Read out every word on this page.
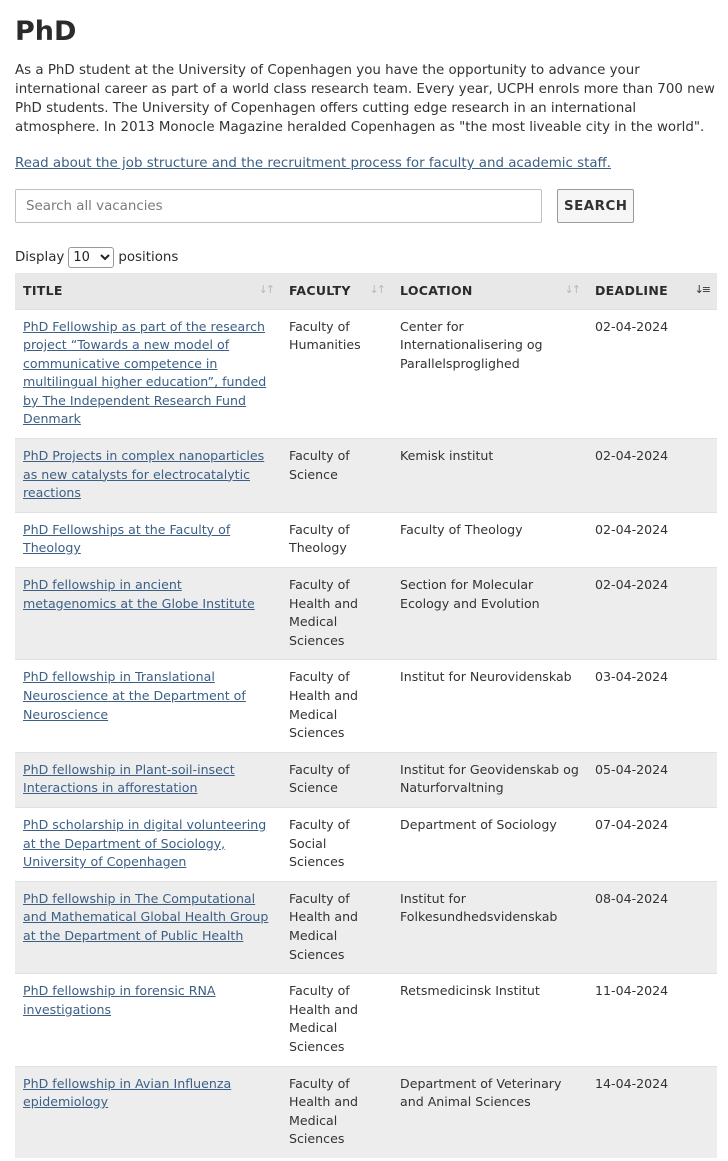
PhD

As a PhD student at the University of Copenhagen you have the opportunity to advance your international career as part of a world class research team. Every year, UCPH enrols more than 700 new PhD students. The University of Copenhagen offers cutting edge research in an international atmosphere. In 2013 Monocle Magazine heralded Copenhagen as "the most liveable city in the world".

Read about the job structure and the recruitment process for faculty and academic staff.
Search all vacancies
SEARCH
Display
10	positions
TITLE ↓↑	FACULTY ↓↑	LOCATION ↓↑	DEADLINE ↓≡

PhD Fellowship as part of the research project “Towards a new model of communicative competence in multilingual higher education”, funded by The Independent Research Fund Denmark	Faculty of Humanities	Center for Internationalisering og Parallelsproglighed	02-04-2024
PhD Projects in complex nanoparticles as new catalysts for electrocatalytic reactions	Faculty of Science	Kemisk institut	02-04-2024
PhD Fellowships at the Faculty of Theology	Faculty of Theology	Faculty of Theology	02-04-2024
PhD fellowship in ancient metagenomics at the Globe Institute	Faculty of Health and Medical Sciences	Section for Molecular Ecology and Evolution	02-04-2024
PhD fellowship in Translational Neuroscience at the Department of Neuroscience	Faculty of Health and Medical Sciences	Institut for Neurovidenskab	03-04-2024
PhD fellowship in Plant-soil-insect Interactions in afforestation	Faculty of Science	Institut for Geovidenskab og Naturforvaltning	05-04-2024
PhD scholarship in digital volunteering at the Department of Sociology, University of Copenhagen	Faculty of Social Sciences	Department of Sociology	07-04-2024
PhD fellowship in The Computational and Mathematical Global Health Group at the Department of Public Health	Faculty of Health and Medical Sciences	Institut for Folkesundhedsvidenskab	08-04-2024
PhD fellowship in forensic RNA investigations	Faculty of Health and Medical Sciences	Retsmedicinsk Institut	11-04-2024
PhD fellowship in Avian Influenza epidemiology	Faculty of Health and Medical Sciences	Department of Veterinary and Animal Sciences	14-04-2024
